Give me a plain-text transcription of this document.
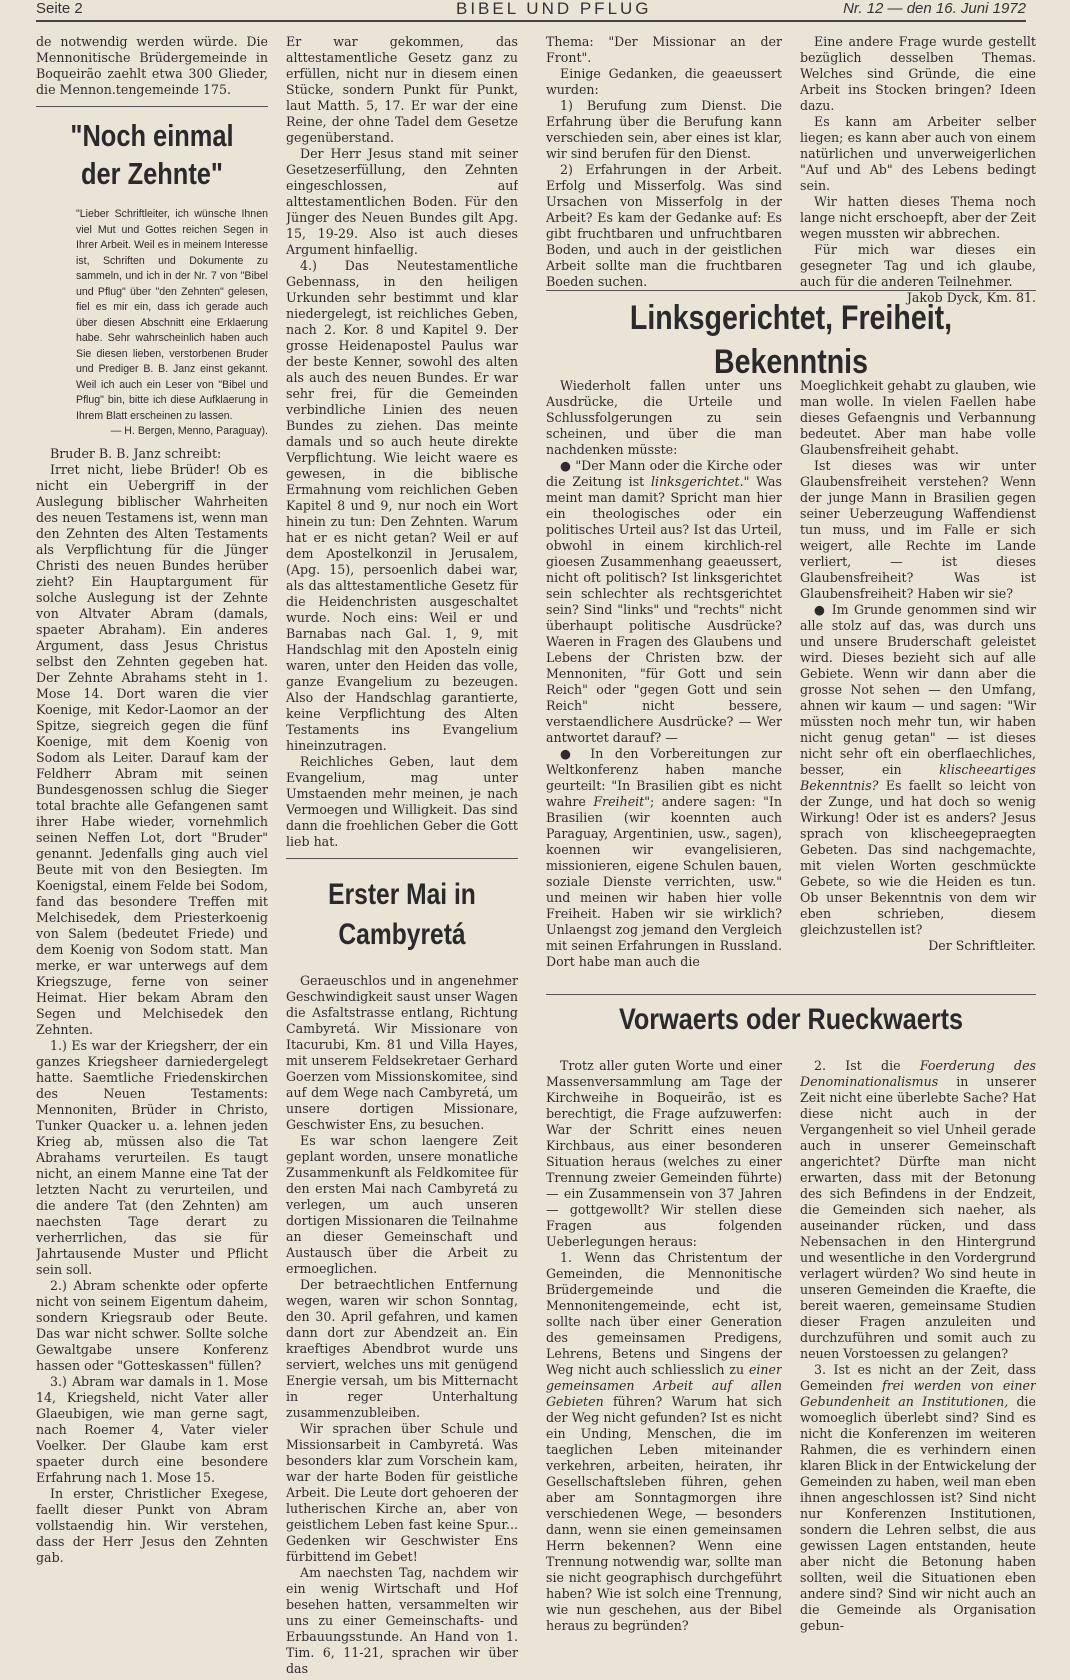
Seite 2	BIBEL UND PFLUG	Nr. 12 — den 16. Juni 1972

de notwendig werden würde. Die Mennonitische Brüdergemeinde in Boqueirão zaehlt etwa 300 Glieder, die Mennon.tengemeinde 175.

"Noch einmal der Zehnte"
"Lieber Schriftleiter, ich wünsche Ihnen viel Mut und Gottes reichen Segen in Ihrer Arbeit. Weil es in meinem Interesse ist, Schriften und Dokumente zu sammeln, und ich in der Nr. 7 von "Bibel und Pflug" über "den Zehnten" gelesen, fiel es mir ein, dass ich gerade auch über diesen Abschnitt eine Erklaerung habe. Sehr wahrscheinlich haben auch Sie diesen lieben, verstorbenen Bruder und Prediger B. B. Janz einst gekannt. Weil ich auch ein Leser von "Bibel und Pflug" bin, bitte ich diese Aufklaerung in Ihrem Blatt erscheinen zu lassen.
— H. Bergen, Menno, Paraguay).

Bruder B. B. Janz schreibt:

Irret nicht, liebe Brüder! Ob es nicht ein Uebergriff in der Auslegung biblischer Wahrheiten des neuen Testamens ist, wenn man den Zehnten des Alten Testaments als Verpflichtung für die Jünger Christi des neuen Bundes herüber zieht? Ein Hauptargument für solche Auslegung ist der Zehnte von Altvater Abram (damals, spaeter Abraham). Ein anderes Argument, dass Jesus Christus selbst den Zehnten gegeben hat. Der Zehnte Abrahams steht in 1. Mose 14. Dort waren die vier Koenige, mit Kedor-Laomor an der Spitze, siegreich gegen die fünf Koenige, mit dem Koenig von Sodom als Leiter. Darauf kam der Feldherr Abram mit seinen Bundesgenossen schlug die Sieger total brachte alle Gefangenen samt ihrer Habe wieder, vornehmlich seinen Neffen Lot, dort "Bruder" genannt. Jedenfalls ging auch viel Beute mit von den Besiegten. Im Koenigstal, einem Felde bei Sodom, fand das besondere Treffen mit Melchisedek, dem Priesterkoenig von Salem (bedeutet Friede) und dem Koenig von Sodom statt. Man merke, er war unterwegs auf dem Kriegszuge, ferne von seiner Heimat. Hier bekam Abram den Segen und Melchisedek den Zehnten.

1.) Es war der Kriegsherr, der ein ganzes Kriegsheer darniedergelegt hatte. Saemtliche Friedenskirchen des Neuen Testaments: Mennoniten, Brüder in Christo, Tunker Quacker u. a. lehnen jeden Krieg ab, müssen also die Tat Abrahams verurteilen. Es taugt nicht, an einem Manne eine Tat der letzten Nacht zu verurteilen, und die andere Tat (den Zehnten) am naechsten Tage derart zu verherrlichen, das sie für Jahrtausende Muster und Pflicht sein soll.

2.) Abram schenkte oder opferte nicht von seinem Eigentum daheim, sondern Kriegsraub oder Beute. Das war nicht schwer. Sollte solche Gewaltgabe unsere Konferenz hassen oder "Gotteskassen" füllen?

3.) Abram war damals in 1. Mose 14, Kriegsheld, nicht Vater aller Glaeubigen, wie man gerne sagt, nach Roemer 4, Vater vieler Voelker. Der Glaube kam erst spaeter durch eine besondere Erfahrung nach 1. Mose 15.

In erster, Christlicher Exegese, faellt dieser Punkt von Abram vollstaendig hin. Wir verstehen, dass der Herr Jesus den Zehnten gab.

Er war gekommen, das alttestamentliche Gesetz ganz zu erfüllen, nicht nur in diesem einen Stücke, sondern Punkt für Punkt, laut Matth. 5, 17. Er war der eine Reine, der ohne Tadel dem Gesetze gegenüberstand.

Der Herr Jesus stand mit seiner Gesetzeserfüllung, den Zehnten eingeschlossen, auf alttestamentlichen Boden. Für den Jünger des Neuen Bundes gilt Apg. 15, 19-29. Also ist auch dieses Argument hinfaellig.

4.) Das Neutestamentliche Gebennass, in den heiligen Urkunden sehr bestimmt und klar niedergelegt, ist reichliches Geben, nach 2. Kor. 8 und Kapitel 9. Der grosse Heidenapostel Paulus war der beste Kenner, sowohl des alten als auch des neuen Bundes. Er war sehr frei, für die Gemeinden verbindliche Linien des neuen Bundes zu ziehen. Das meinte damals und so auch heute direkte Verpflichtung. Wie leicht waere es gewesen, in die biblische Ermahnung vom reichlichen Geben Kapitel 8 und 9, nur noch ein Wort hinein zu tun: Den Zehnten. Warum hat er es nicht getan? Weil er auf dem Apostelkonzil in Jerusalem, (Apg. 15), persoenlich dabei war, als das alttestamentliche Gesetz für die Heidenchristen ausgeschaltet wurde. Noch eins: Weil er und Barnabas nach Gal. 1, 9, mit Handschlag mit den Aposteln einig waren, unter den Heiden das volle, ganze Evangelium zu bezeugen. Also der Handschlag garantierte, keine Verpflichtung des Alten Testaments ins Evangelium hineinzutragen.

Reichliches Geben, laut dem Evangelium, mag unter Umstaenden mehr meinen, je nach Vermoegen und Willigkeit. Das sind dann die froehlichen Geber die Gott lieb hat.

Erster Mai in Cambyretá

Geraeuschlos und in angenehmer Geschwindigkeit saust unser Wagen die Asfaltstrasse entlang, Richtung Cambyretá. Wir Missionare von Itacurubi, Km. 81 und Villa Hayes, mit unserem Feldsekretaer Gerhard Goerzen vom Missionskomitee, sind auf dem Wege nach Cambyretá, um unsere dortigen Missionare, Geschwister Ens, zu besuchen.

Es war schon laengere Zeit geplant worden, unsere monatliche Zusammenkunft als Feldkomitee für den ersten Mai nach Cambyretá zu verlegen, um auch unseren dortigen Missionaren die Teilnahme an dieser Gemeinschaft und Austausch über die Arbeit zu ermoeglichen.

Der betraechtlichen Entfernung wegen, waren wir schon Sonntag, den 30. April gefahren, und kamen dann dort zur Abendzeit an. Ein kraeftiges Abendbrot wurde uns serviert, welches uns mit genügend Energie versah, um bis Mitternacht in reger Unterhaltung zusammenzubleiben.

Wir sprachen über Schule und Missionsarbeit in Cambyretá. Was besonders klar zum Vorschein kam, war der harte Boden für geistliche Arbeit. Die Leute dort gehoeren der lutherischen Kirche an, aber von geistlichem Leben fast keine Spur... Gedenken wir Geschwister Ens fürbittend im Gebet!

Am naechsten Tag, nachdem wir ein wenig Wirtschaft und Hof besehen hatten, versammelten wir uns zu einer Gemeinschafts- und Erbauungsstunde. An Hand von 1. Tim. 6, 11-21, sprachen wir über das

Thema: "Der Missionar an der Front".

Einige Gedanken, die geaeussert wurden:

1) Berufung zum Dienst. Die Erfahrung über die Berufung kann verschieden sein, aber eines ist klar, wir sind berufen für den Dienst.

2) Erfahrungen in der Arbeit. Erfolg und Misserfolg. Was sind Ursachen von Misserfolg in der Arbeit? Es kam der Gedanke auf: Es gibt fruchtbaren und unfruchtbaren Boden, und auch in der geistlichen Arbeit sollte man die fruchtbaren Boeden suchen.

Eine andere Frage wurde gestellt bezüglich desselben Themas. Welches sind Gründe, die eine Arbeit ins Stocken bringen? Ideen dazu.

Es kann am Arbeiter selber liegen; es kann aber auch von einem natürlichen und unverweigerlichen "Auf und Ab" des Lebens bedingt sein.

Wir hatten dieses Thema noch lange nicht erschoepft, aber der Zeit wegen mussten wir abbrechen.

Für mich war dieses ein gesegneter Tag und ich glaube, auch für die anderen Teilnehmer.

Jakob Dyck, Km. 81.

Linksgerichtet, Freiheit, Bekenntnis

Wiederholt fallen unter uns Ausdrücke, die Urteile und Schlussfolgerungen zu sein scheinen, und über die man nachdenken müsste:

● "Der Mann oder die Kirche oder die Zeitung ist linksgerichtet." Was meint man damit? Spricht man hier ein theologisches oder ein politisches Urteil aus? Ist das Urteil, obwohl in einem kirchlich-rel gioesen Zusammenhang geaeussert, nicht oft politisch? Ist linksgerichtet sein schlechter als rechtsgerichtet sein? Sind "links" und "rechts" nicht überhaupt politische Ausdrücke? Waeren in Fragen des Glaubens und Lebens der Christen bzw. der Mennoniten, "für Gott und sein Reich" oder "gegen Gott und sein Reich" nicht bessere, verstaendlichere Ausdrücke? — Wer antwortet darauf? —

● In den Vorbereitungen zur Weltkonferenz haben manche geurteilt: "In Brasilien gibt es nicht wahre Freiheit"; andere sagen: "In Brasilien (wir koennten auch Paraguay, Argentinien, usw., sagen), koennen wir evangelisieren, missionieren, eigene Schulen bauen, soziale Dienste verrichten, usw." und meinen wir haben hier volle Freiheit. Haben wir sie wirklich? Unlaengst zog jemand den Vergleich mit seinen Erfahrungen in Russland. Dort habe man auch die

Moeglichkeit gehabt zu glauben, wie man wolle. In vielen Faellen habe dieses Gefaengnis und Verbannung bedeutet. Aber man habe volle Glaubensfreiheit gehabt.

Ist dieses was wir unter Glaubensfreiheit verstehen? Wenn der junge Mann in Brasilien gegen seiner Ueberzeugung Waffendienst tun muss, und im Falle er sich weigert, alle Rechte im Lande verliert, — ist dieses Glaubensfreiheit? Was ist Glaubensfreiheit? Haben wir sie?

● Im Grunde genommen sind wir alle stolz auf das, was durch uns und unsere Bruderschaft geleistet wird. Dieses bezieht sich auf alle Gebiete. Wenn wir dann aber die grosse Not sehen — den Umfang, ahnen wir kaum — und sagen: "Wir müssten noch mehr tun, wir haben nicht genug getan" — ist dieses nicht sehr oft ein oberflaechliches, besser, ein klischeeartiges Bekenntnis? Es faellt so leicht von der Zunge, und hat doch so wenig Wirkung! Oder ist es anders? Jesus sprach von klischeegepraegten Gebeten. Das sind nachgemachte, mit vielen Worten geschmückte Gebete, so wie die Heiden es tun. Ob unser Bekenntnis von dem wir eben schrieben, diesem gleichzustellen ist?

Der Schriftleiter.

Vorwaerts oder Rueckwaerts

Trotz aller guten Worte und einer Massenversammlung am Tage der Kirchweihe in Boqueirão, ist es berechtigt, die Frage aufzuwerfen: War der Schritt eines neuen Kirchbaus, aus einer besonderen Situation heraus (welches zu einer Trennung zweier Gemeinden führte) — ein Zusammensein von 37 Jahren — gottgewollt? Wir stellen diese Fragen aus folgenden Ueberlegungen heraus:

1. Wenn das Christentum der Gemeinden, die Mennonitische Brüdergemeinde und die Mennonitengemeinde, echt ist, sollte nach über einer Generation des gemeinsamen Predigens, Lehrens, Betens und Singens der Weg nicht auch schliesslich zu einer gemeinsamen Arbeit auf allen Gebieten führen? Warum hat sich der Weg nicht gefunden? Ist es nicht ein Unding, Menschen, die im taeglichen Leben miteinander verkehren, arbeiten, heiraten, ihr Gesellschaftsleben führen, gehen aber am Sonntagmorgen ihre verschiedenen Wege, — besonders dann, wenn sie einen gemeinsamen Herrn bekennen? Wenn eine Trennung notwendig war, sollte man sie nicht geographisch durchgeführt haben? Wie ist solch eine Trennung, wie nun geschehen, aus der Bibel heraus zu begründen?

2. Ist die Foerderung des Denominationalismus in unserer Zeit nicht eine überlebte Sache? Hat diese nicht auch in der Vergangenheit so viel Unheil gerade auch in unserer Gemeinschaft angerichtet? Dürfte man nicht erwarten, dass mit der Betonung des sich Befindens in der Endzeit, die Gemeinden sich naeher, als auseinander rücken, und dass Nebensachen in den Hintergrund und wesentliche in den Vordergrund verlagert würden? Wo sind heute in unseren Gemeinden die Kraefte, die bereit waeren, gemeinsame Studien dieser Fragen anzuleiten und durchzuführen und somit auch zu neuen Vorstoessen zu gelangen?

3. Ist es nicht an der Zeit, dass Gemeinden frei werden von einer Gebundenheit an Institutionen, die womoeglich überlebt sind? Sind es nicht die Konferenzen im weiteren Rahmen, die es verhindern einen klaren Blick in der Entwickelung der Gemeinden zu haben, weil man eben ihnen angeschlossen ist? Sind nicht nur Konferenzen Institutionen, sondern die Lehren selbst, die aus gewissen Lagen entstanden, heute aber nicht die Betonung haben sollten, weil die Situationen eben andere sind? Sind wir nicht auch an die Gemeinde als Organisation gebun-
